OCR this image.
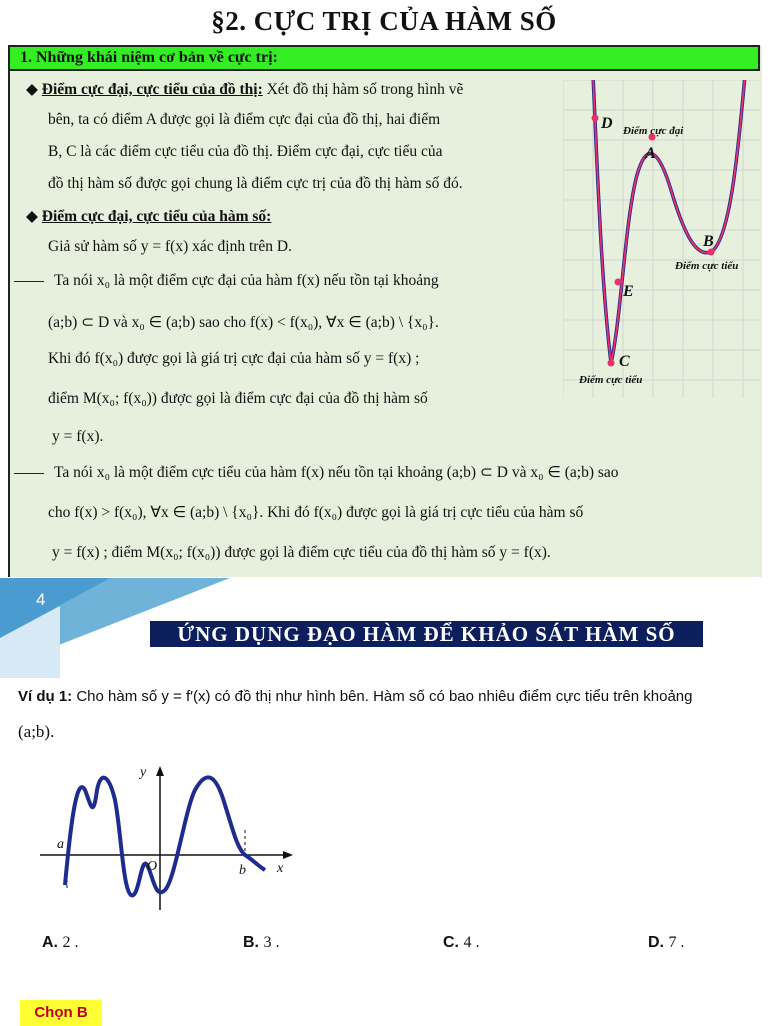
§2. CỰC TRỊ CỦA HÀM SỐ
1. Những khái niệm cơ bản về cực trị:
◆ Điểm cực đại, cực tiểu của đồ thị: Xét đồ thị hàm số trong hình vẽ
bên, ta có điểm A được gọi là điểm cực đại của đồ thị, hai điểm
B, C là các điểm cực tiểu của đồ thị. Điểm cực đại, cực tiểu của
đồ thị hàm số được gọi chung là điểm cực trị của đồ thị hàm số đó.
◆ Điểm cực đại, cực tiểu của hàm số:
Giả sử hàm số y = f(x) xác định trên D.
Ta nói x₀ là một điểm cực đại của hàm f(x) nếu tồn tại khoảng
(a;b) ⊂ D và x₀ ∈ (a;b) sao cho f(x) < f(x₀), ∀x ∈ (a;b) \ {x₀}.
Khi đó f(x₀) được gọi là giá trị cực đại của hàm số y = f(x) ;
điểm M(x₀; f(x₀)) được gọi là điểm cực đại của đồ thị hàm số
y = f(x).
Ta nói x₀ là một điểm cực tiểu của hàm f(x) nếu tồn tại khoảng (a;b) ⊂ D và x₀ ∈ (a;b) sao
cho f(x) > f(x₀), ∀x ∈ (a;b) \ {x₀}. Khi đó f(x₀) được gọi là giá trị cực tiểu của hàm số
y = f(x) ; điểm M(x₀; f(x₀)) được gọi là điểm cực tiểu của đồ thị hàm số y = f(x).
D
A
B
E
C
Điểm cực đại
Điểm cực tiểu
Điểm cực tiểu
4
ỨNG DỤNG ĐẠO HÀM ĐỂ KHẢO SÁT HÀM SỐ
Ví dụ 1: Cho hàm số y = f′(x) có đồ thị như hình bên. Hàm số có bao nhiêu điểm cực tiểu trên khoảng
(a;b).
y
x
a
O	b
A. 2 .	B. 3 .	C. 4 .	D. 7 .
Chọn B
